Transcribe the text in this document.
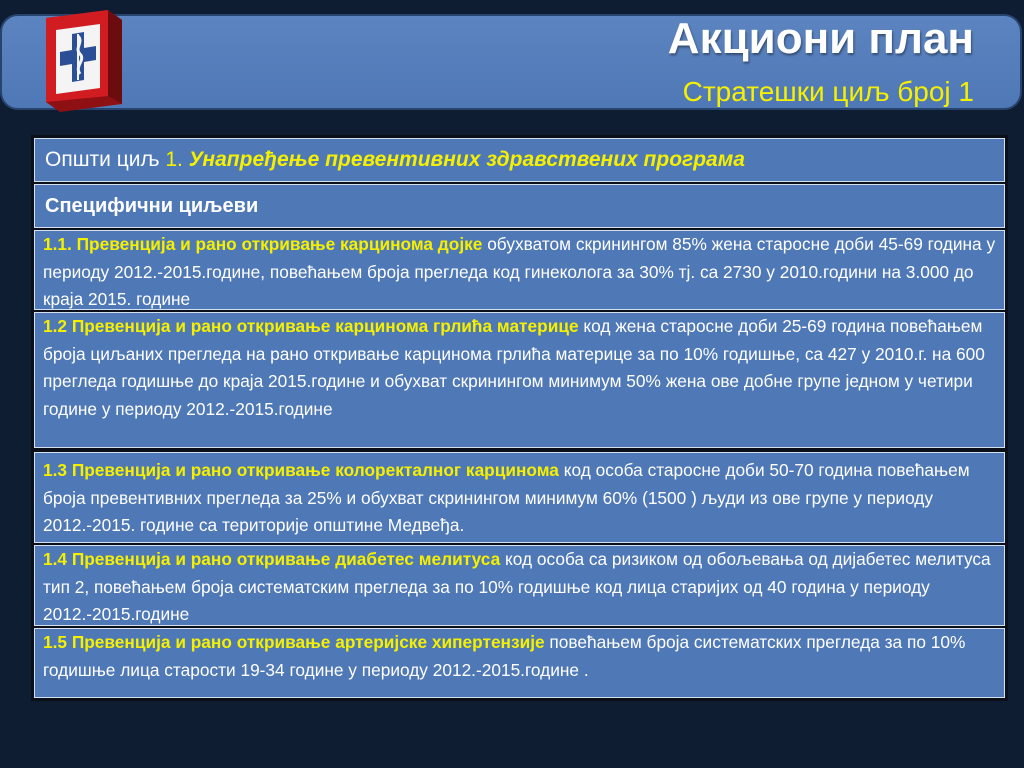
Акциони план
Стратешки циљ број 1
Општи циљ 1. Унапређење превентивних здравствених програма
Специфични циљеви
1.1. Превенција и рано откривање карцинома дојке обухватом скринингом 85% жена старосне доби 45-69 година у периоду 2012.-2015.године, повећањем броја прегледа код гинеколога за 30% тј. са 2730 у 2010.години на 3.000 до краја 2015. године
1.2 Превенција и рано откривање карцинома грлића материце код жена старосне доби 25-69 година повећањем броја циљаних прегледа на рано откривање карцинома грлића материце за по 10% годишње, са 427 у 2010.г. на 600 прегледа годишње до краја 2015.године и обухват скринингом минимум 50% жена ове добне групе једном у четири године у периоду 2012.-2015.године
1.3 Превенција и рано откривање колоректалног карцинома код особа старосне доби 50-70 година повећањем броја превентивних прегледа за 25% и обухват скринингом минимум 60% (1500 ) људи из ове групе у периоду 2012.-2015. године са територије општине Медвеђа.
1.4 Превенција и рано откривање диабетес мелитуса код особа са ризиком од обољевања од дијабетес мелитуса тип 2, повећањем броја систематским прегледа за по 10% годишње код лица старијих од 40 година у периоду 2012.-2015.године
1.5 Превенција и рано откривање артеријске хипертензије повећањем броја систематских прегледа за по 10% годишње лица старости 19-34 године у периоду 2012.-2015.године .
